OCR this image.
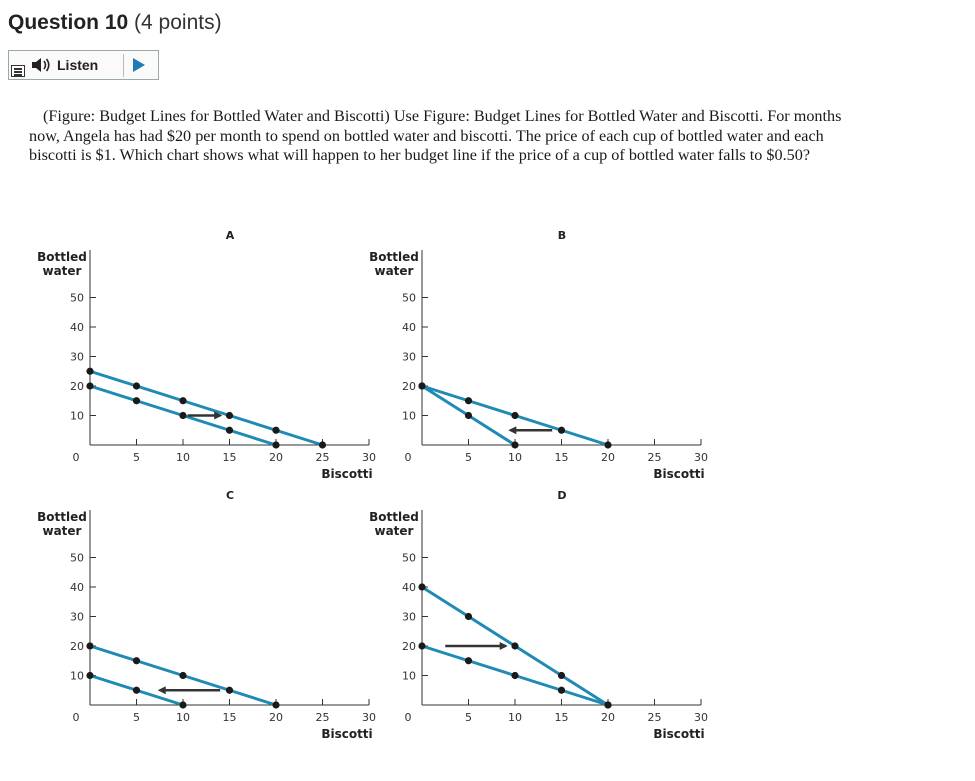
Question 10 (4 points)
Listen
(Figure: Budget Lines for Bottled Water and Biscotti) Use Figure: Budget Lines for Bottled Water and Biscotti. For months now, Angela has had $20 per month to spend on bottled water and biscotti. The price of each cup of bottled water and each biscotti is $1. Which chart shows what will happen to her budget line if the price of a cup of bottled water falls to $0.50?
A
Bottled
water
10
20
30
40
50
5	10	15	20	25	30
0
Biscotti
B
Bottled
water
10
20
30
40
50
5	10	15	20	25	30
0
Biscotti
C
Bottled
water
10
20
30
40
50
5	10	15	20	25	30
0
Biscotti
D
Bottled
water
10
20
30
40
50
5	10	15	20	25	30
0
Biscotti
